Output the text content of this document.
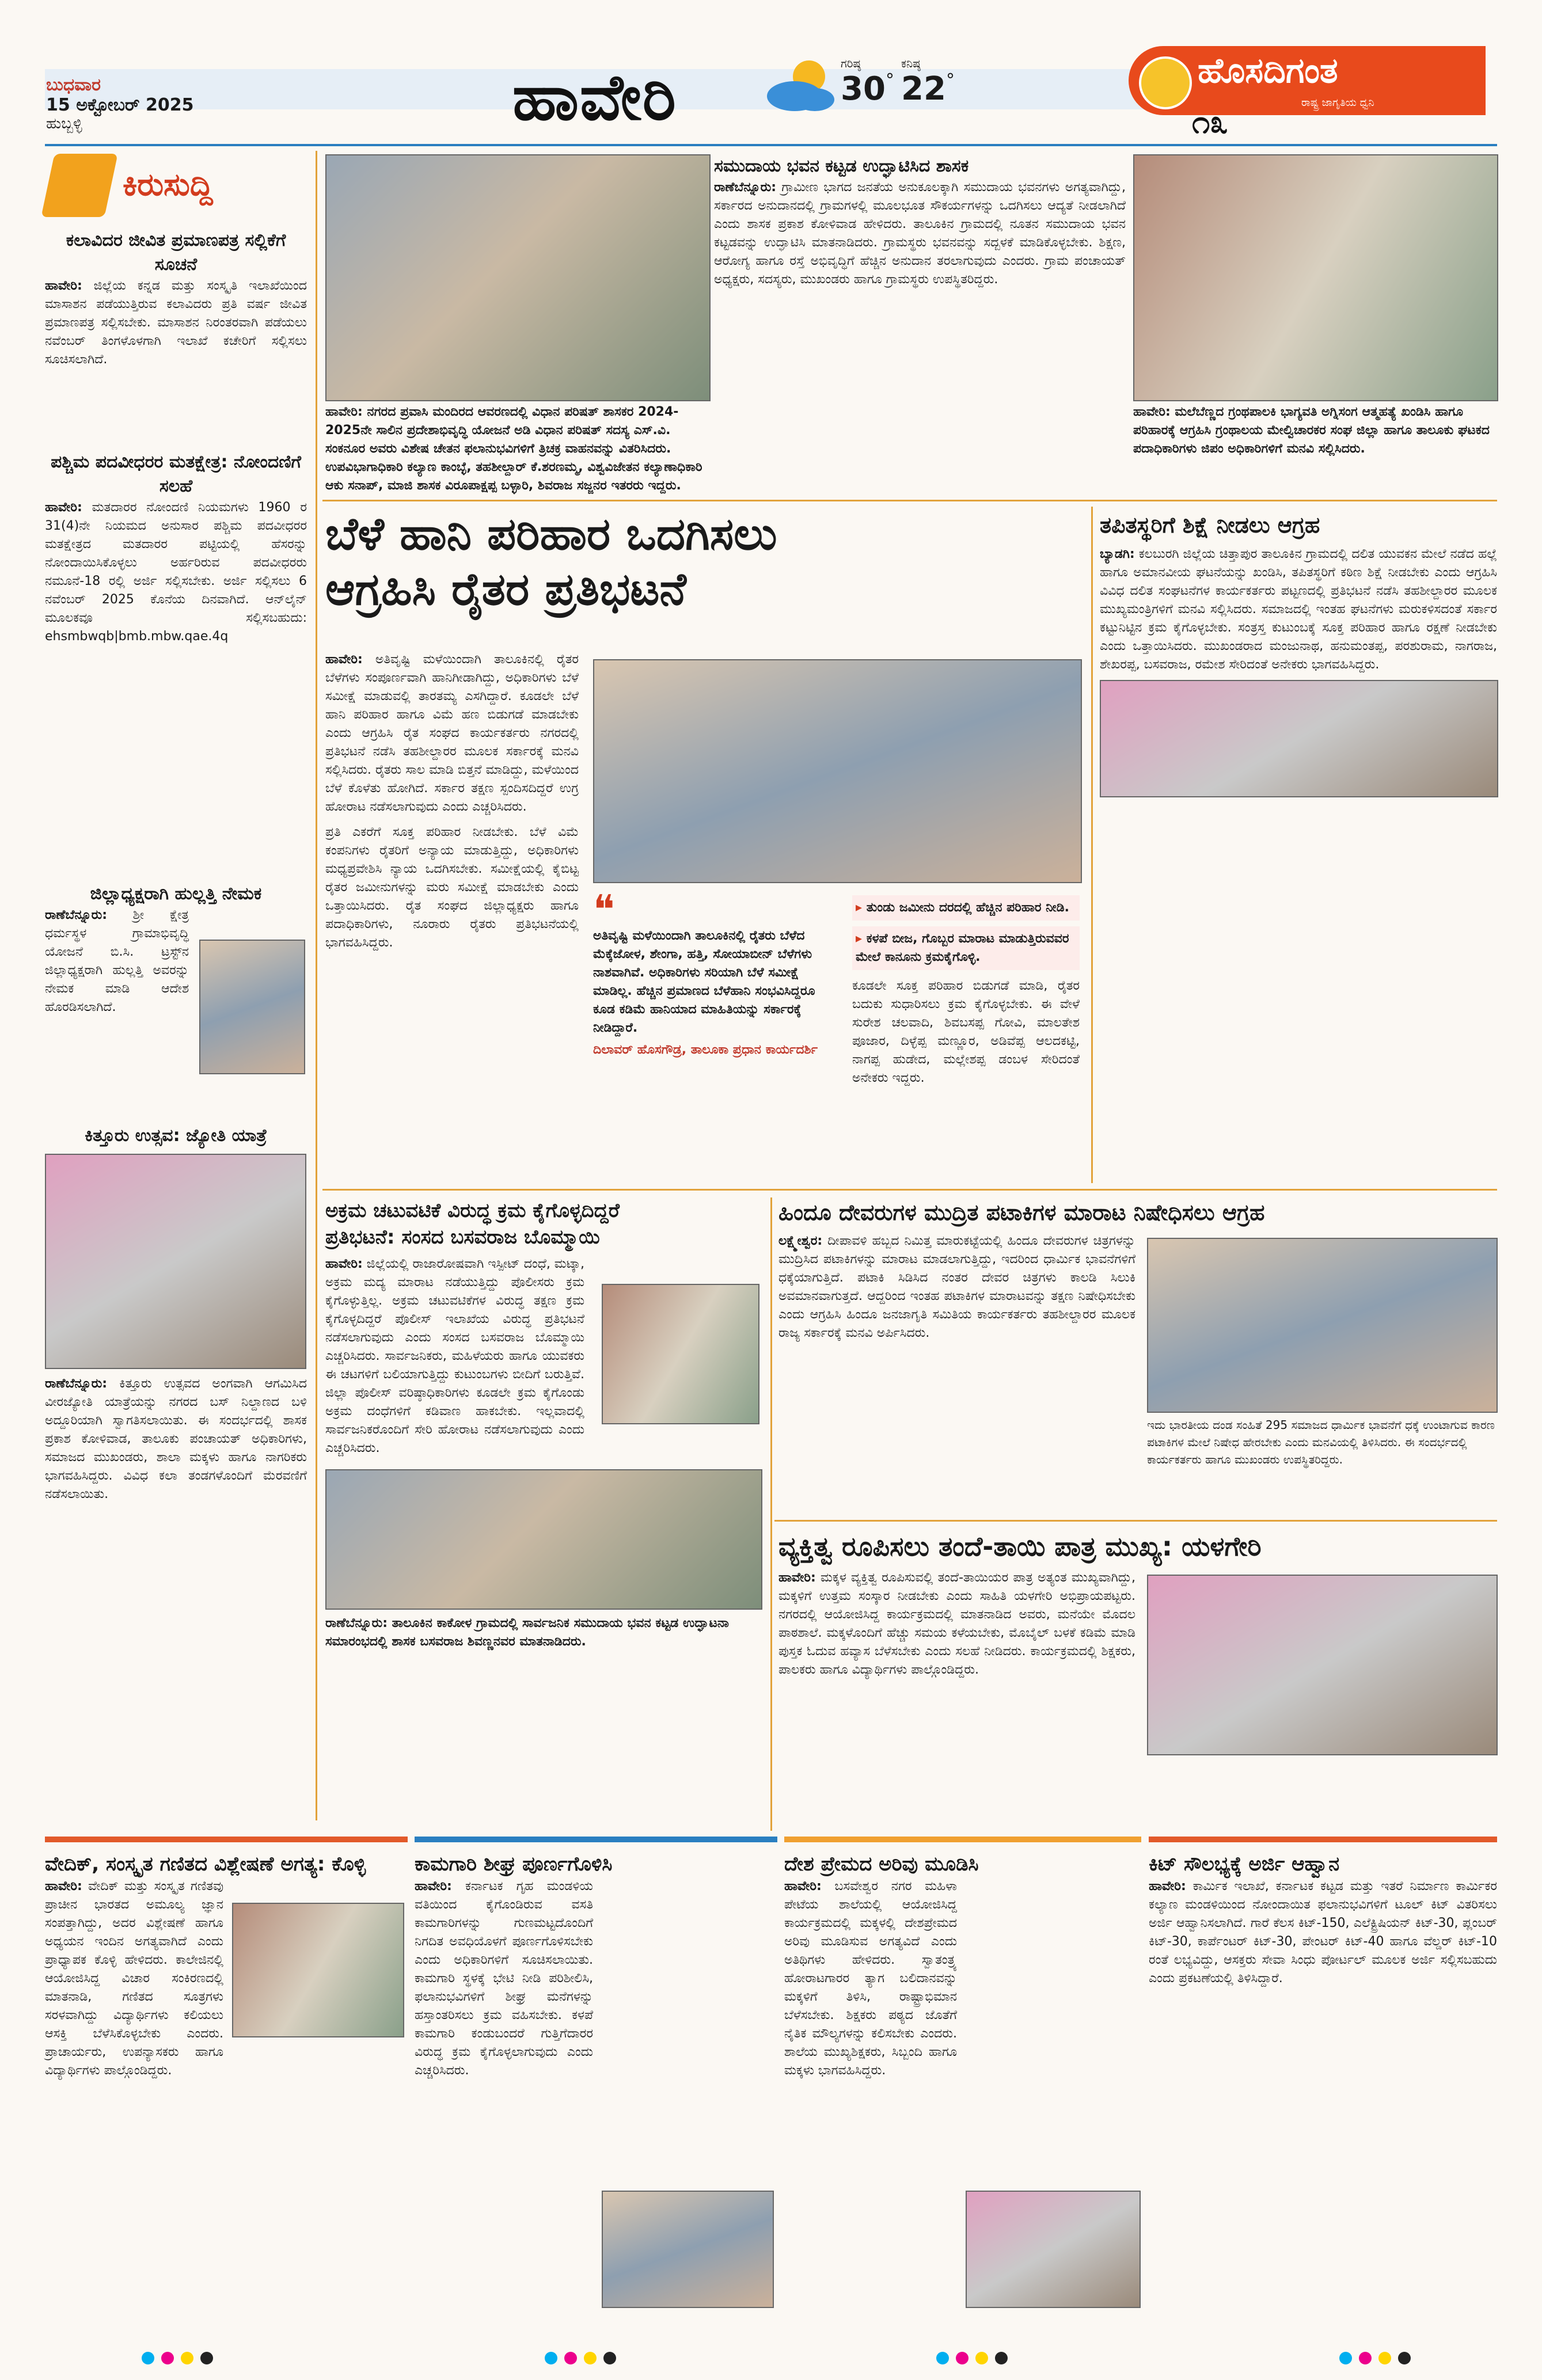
ಬುಧವಾರ
15 ಅಕ್ಟೋಬರ್ 2025
ಹುಬ್ಬಳ್ಳಿ	ಹಾವೇರಿ	ಗರಿಷ್ಠ
30°
ಕನಿಷ್ಠ
22°	ಹೊಸದಿಗಂತ
ರಾಷ್ಟ್ರ ಜಾಗೃತಿಯ ಧ್ವನಿ
೧೩
ಕಿರುಸುದ್ದಿ
ಕಲಾವಿದರ ಜೀವಿತ ಪ್ರಮಾಣಪತ್ರ ಸಲ್ಲಿಕೆಗೆ ಸೂಚನೆ
ಹಾವೇರಿ: ಜಿಲ್ಲೆಯ ಕನ್ನಡ ಮತ್ತು ಸಂಸ್ಕೃತಿ ಇಲಾಖೆಯಿಂದ ಮಾಸಾಶನ ಪಡೆಯುತ್ತಿರುವ ಕಲಾವಿದರು ಪ್ರತಿ ವರ್ಷ ಜೀವಿತ ಪ್ರಮಾಣಪತ್ರ ಸಲ್ಲಿಸಬೇಕು. ಮಾಸಾಶನ ನಿರಂತರವಾಗಿ ಪಡೆಯಲು ನವೆಂಬರ್ ತಿಂಗಳೊಳಗಾಗಿ ಇಲಾಖೆ ಕಚೇರಿಗೆ ಸಲ್ಲಿಸಲು ಸೂಚಿಸಲಾಗಿದೆ.
ಪಶ್ಚಿಮ ಪದವೀಧರರ ಮತಕ್ಷೇತ್ರ: ನೋಂದಣಿಗೆ ಸಲಹೆ
ಹಾವೇರಿ: ಮತದಾರರ ನೋಂದಣಿ ನಿಯಮಗಳು 1960 ರ 31(4)ನೇ ನಿಯಮದ ಅನುಸಾರ ಪಶ್ಚಿಮ ಪದವೀಧರರ ಮತಕ್ಷೇತ್ರದ ಮತದಾರರ ಪಟ್ಟಿಯಲ್ಲಿ ಹೆಸರನ್ನು ನೋಂದಾಯಿಸಿಕೊಳ್ಳಲು ಅರ್ಹರಿರುವ ಪದವೀಧರರು ನಮೂನೆ-18 ರಲ್ಲಿ ಅರ್ಜಿ ಸಲ್ಲಿಸಬೇಕು. ಅರ್ಜಿ ಸಲ್ಲಿಸಲು 6 ನವೆಂಬರ್ 2025 ಕೊನೆಯ ದಿನವಾಗಿದೆ. ಆನ್‌ಲೈನ್ ಮೂಲಕವೂ ಸಲ್ಲಿಸಬಹುದು: ehsmbwqb|bmb.mbw.qae.4q
ಜಿಲ್ಲಾಧ್ಯಕ್ಷರಾಗಿ ಹುಲ್ಲತ್ತಿ ನೇಮಕ
ರಾಣೆಬೆನ್ನೂರು: ಶ್ರೀ ಕ್ಷೇತ್ರ ಧರ್ಮಸ್ಥಳ ಗ್ರಾಮಾಭಿವೃದ್ಧಿ ಯೋಜನೆ ಬಿ.ಸಿ. ಟ್ರಸ್ಟ್‌ನ ಜಿಲ್ಲಾಧ್ಯಕ್ಷರಾಗಿ ಹುಲ್ಲತ್ತಿ ಅವರನ್ನು ನೇಮಕ ಮಾಡಿ ಆದೇಶ ಹೊರಡಿಸಲಾಗಿದೆ.
ಕಿತ್ತೂರು ಉತ್ಸವ: ಜ್ಯೋತಿ ಯಾತ್ರೆ
ರಾಣೆಬೆನ್ನೂರು: ಕಿತ್ತೂರು ಉತ್ಸವದ ಅಂಗವಾಗಿ ಆಗಮಿಸಿದ ವೀರಜ್ಯೋತಿ ಯಾತ್ರೆಯನ್ನು ನಗರದ ಬಸ್ ನಿಲ್ದಾಣದ ಬಳಿ ಅದ್ದೂರಿಯಾಗಿ ಸ್ವಾಗತಿಸಲಾಯಿತು. ಈ ಸಂದರ್ಭದಲ್ಲಿ ಶಾಸಕ ಪ್ರಕಾಶ ಕೋಳಿವಾಡ, ತಾಲೂಕು ಪಂಚಾಯತ್ ಅಧಿಕಾರಿಗಳು, ಸಮಾಜದ ಮುಖಂಡರು, ಶಾಲಾ ಮಕ್ಕಳು ಹಾಗೂ ನಾಗರಿಕರು ಭಾಗವಹಿಸಿದ್ದರು. ವಿವಿಧ ಕಲಾ ತಂಡಗಳೊಂದಿಗೆ ಮೆರವಣಿಗೆ ನಡೆಸಲಾಯಿತು.
ಹಾವೇರಿ: ನಗರದ ಪ್ರವಾಸಿ ಮಂದಿರದ ಆವರಣದಲ್ಲಿ ವಿಧಾನ ಪರಿಷತ್ ಶಾಸಕರ 2024-2025ನೇ ಸಾಲಿನ ಪ್ರದೇಶಾಭಿವೃದ್ಧಿ ಯೋಜನೆ ಅಡಿ ವಿಧಾನ ಪರಿಷತ್ ಸದಸ್ಯ ಎಸ್.ವಿ. ಸಂಕನೂರ ಅವರು ವಿಶೇಷ ಚೇತನ ಫಲಾನುಭವಿಗಳಿಗೆ ತ್ರಿಚಕ್ರ ವಾಹನವನ್ನು ವಿತರಿಸಿದರು. ಉಪವಿಭಾಗಾಧಿಕಾರಿ ಕಲ್ಯಾಣ ಕಾಂಬ್ಳೆ, ತಹಶೀಲ್ದಾರ್ ಕೆ.ಶರಣಮ್ಮ, ವಿಶ್ವವಿಜೇತನ ಕಲ್ಯಾಣಾಧಿಕಾರಿ ಆಕು ಸನಾಪ್, ಮಾಜಿ ಶಾಸಕ ವಿರೂಪಾಕ್ಷಪ್ಪ ಬಳ್ಳಾರಿ, ಶಿವರಾಜ ಸಜ್ಜನರ ಇತರರು ಇದ್ದರು.
ಸಮುದಾಯ ಭವನ ಕಟ್ಟಡ ಉದ್ಘಾಟಿಸಿದ ಶಾಸಕ
ರಾಣೆಬೆನ್ನೂರು: ಗ್ರಾಮೀಣ ಭಾಗದ ಜನತೆಯ ಅನುಕೂಲಕ್ಕಾಗಿ ಸಮುದಾಯ ಭವನಗಳು ಅಗತ್ಯವಾಗಿದ್ದು, ಸರ್ಕಾರದ ಅನುದಾನದಲ್ಲಿ ಗ್ರಾಮಗಳಲ್ಲಿ ಮೂಲಭೂತ ಸೌಕರ್ಯಗಳನ್ನು ಒದಗಿಸಲು ಆದ್ಯತೆ ನೀಡಲಾಗಿದೆ ಎಂದು ಶಾಸಕ ಪ್ರಕಾಶ ಕೋಳಿವಾಡ ಹೇಳಿದರು. ತಾಲೂಕಿನ ಗ್ರಾಮದಲ್ಲಿ ನೂತನ ಸಮುದಾಯ ಭವನ ಕಟ್ಟಡವನ್ನು ಉದ್ಘಾಟಿಸಿ ಮಾತನಾಡಿದರು. ಗ್ರಾಮಸ್ಥರು ಭವನವನ್ನು ಸದ್ಬಳಕೆ ಮಾಡಿಕೊಳ್ಳಬೇಕು. ಶಿಕ್ಷಣ, ಆರೋಗ್ಯ ಹಾಗೂ ರಸ್ತೆ ಅಭಿವೃದ್ಧಿಗೆ ಹೆಚ್ಚಿನ ಅನುದಾನ ತರಲಾಗುವುದು ಎಂದರು. ಗ್ರಾಮ ಪಂಚಾಯತ್ ಅಧ್ಯಕ್ಷರು, ಸದಸ್ಯರು, ಮುಖಂಡರು ಹಾಗೂ ಗ್ರಾಮಸ್ಥರು ಉಪಸ್ಥಿತರಿದ್ದರು.
ಹಾವೇರಿ: ಮಲೆಬೆಣ್ಣದ ಗ್ರಂಥಪಾಲಕಿ ಭಾಗ್ಯವತಿ ಅಗ್ನಿಸಂಗ ಆತ್ಮಹತ್ಯೆ ಖಂಡಿಸಿ ಹಾಗೂ ಪರಿಹಾರಕ್ಕೆ ಆಗ್ರಹಿಸಿ ಗ್ರಂಥಾಲಯ ಮೇಲ್ವಿಚಾರಕರ ಸಂಘ ಜಿಲ್ಲಾ ಹಾಗೂ ತಾಲೂಕು ಘಟಕದ ಪದಾಧಿಕಾರಿಗಳು ಜಿಪಂ ಅಧಿಕಾರಿಗಳಿಗೆ ಮನವಿ ಸಲ್ಲಿಸಿದರು.
ಬೆಳೆ ಹಾನಿ ಪರಿಹಾರ ಒದಗಿಸಲು
ಆಗ್ರಹಿಸಿ ರೈತರ ಪ್ರತಿಭಟನೆ
ಹಾವೇರಿ: ಅತಿವೃಷ್ಟಿ ಮಳೆಯಿಂದಾಗಿ ತಾಲೂಕಿನಲ್ಲಿ ರೈತರ ಬೆಳೆಗಳು ಸಂಪೂರ್ಣವಾಗಿ ಹಾನಿಗೀಡಾಗಿದ್ದು, ಅಧಿಕಾರಿಗಳು ಬೆಳೆ ಸಮೀಕ್ಷೆ ಮಾಡುವಲ್ಲಿ ತಾರತಮ್ಯ ಎಸಗಿದ್ದಾರೆ. ಕೂಡಲೇ ಬೆಳೆ ಹಾನಿ ಪರಿಹಾರ ಹಾಗೂ ವಿಮೆ ಹಣ ಬಿಡುಗಡೆ ಮಾಡಬೇಕು ಎಂದು ಆಗ್ರಹಿಸಿ ರೈತ ಸಂಘದ ಕಾರ್ಯಕರ್ತರು ನಗರದಲ್ಲಿ ಪ್ರತಿಭಟನೆ ನಡೆಸಿ ತಹಶೀಲ್ದಾರರ ಮೂಲಕ ಸರ್ಕಾರಕ್ಕೆ ಮನವಿ ಸಲ್ಲಿಸಿದರು. ರೈತರು ಸಾಲ ಮಾಡಿ ಬಿತ್ತನೆ ಮಾಡಿದ್ದು, ಮಳೆಯಿಂದ ಬೆಳೆ ಕೊಳೆತು ಹೋಗಿದೆ. ಸರ್ಕಾರ ತಕ್ಷಣ ಸ್ಪಂದಿಸದಿದ್ದರೆ ಉಗ್ರ ಹೋರಾಟ ನಡೆಸಲಾಗುವುದು ಎಂದು ಎಚ್ಚರಿಸಿದರು.
ಪ್ರತಿ ಎಕರೆಗೆ ಸೂಕ್ತ ಪರಿಹಾರ ನೀಡಬೇಕು. ಬೆಳೆ ವಿಮೆ ಕಂಪನಿಗಳು ರೈತರಿಗೆ ಅನ್ಯಾಯ ಮಾಡುತ್ತಿದ್ದು, ಅಧಿಕಾರಿಗಳು ಮಧ್ಯಪ್ರವೇಶಿಸಿ ನ್ಯಾಯ ಒದಗಿಸಬೇಕು. ಸಮೀಕ್ಷೆಯಲ್ಲಿ ಕೈಬಿಟ್ಟ ರೈತರ ಜಮೀನುಗಳನ್ನು ಮರು ಸಮೀಕ್ಷೆ ಮಾಡಬೇಕು ಎಂದು ಒತ್ತಾಯಿಸಿದರು. ರೈತ ಸಂಘದ ಜಿಲ್ಲಾಧ್ಯಕ್ಷರು ಹಾಗೂ ಪದಾಧಿಕಾರಿಗಳು, ನೂರಾರು ರೈತರು ಪ್ರತಿಭಟನೆಯಲ್ಲಿ ಭಾಗವಹಿಸಿದ್ದರು.
❝
ಅತಿವೃಷ್ಟಿ ಮಳೆಯಿಂದಾಗಿ ತಾಲೂಕಿನಲ್ಲಿ ರೈತರು ಬೆಳೆದ ಮೆಕ್ಕೆಜೋಳ, ಶೇಂಗಾ, ಹತ್ತಿ, ಸೋಯಾಬೀನ್ ಬೆಳೆಗಳು ನಾಶವಾಗಿವೆ. ಅಧಿಕಾರಿಗಳು ಸರಿಯಾಗಿ ಬೆಳೆ ಸಮೀಕ್ಷೆ ಮಾಡಿಲ್ಲ. ಹೆಚ್ಚಿನ ಪ್ರಮಾಣದ ಬೆಳೆಹಾನಿ ಸಂಭವಿಸಿದ್ದರೂ ಕೂಡ ಕಡಿಮೆ ಹಾನಿಯಾದ ಮಾಹಿತಿಯನ್ನು ಸರ್ಕಾರಕ್ಕೆ ನೀಡಿದ್ದಾರೆ.
ದಿಲಾವರ್ ಹೊಸಗೌಡ್ರ, ತಾಲೂಕಾ ಪ್ರಧಾನ ಕಾರ್ಯದರ್ಶಿ
▸ ತುಂಡು ಜಮೀನು ದರದಲ್ಲಿ ಹೆಚ್ಚಿನ ಪರಿಹಾರ ನೀಡಿ.
▸ ಕಳಪೆ ಬೀಜ, ಗೊಬ್ಬರ ಮಾರಾಟ ಮಾಡುತ್ತಿರುವವರ ಮೇಲೆ ಕಾನೂನು ಕ್ರಮಕೈಗೊಳ್ಳಿ.
ಕೂಡಲೇ ಸೂಕ್ತ ಪರಿಹಾರ ಬಿಡುಗಡೆ ಮಾಡಿ, ರೈತರ ಬದುಕು ಸುಧಾರಿಸಲು ಕ್ರಮ ಕೈಗೊಳ್ಳಬೇಕು. ಈ ವೇಳೆ ಸುರೇಶ ಚಲವಾದಿ, ಶಿವಬಸಪ್ಪ ಗೋವಿ, ಮಾಲತೇಶ ಪೂಜಾರ, ದಿಳ್ಳೆಪ್ಪ ಮಣ್ಣೂರ, ಅಡಿವೆಪ್ಪ ಆಲದಕಟ್ಟಿ, ನಾಗಪ್ಪ ಹುಡೇದ, ಮಲ್ಲೇಶಪ್ಪ ಡಂಬಳ ಸೇರಿದಂತೆ ಅನೇಕರು ಇದ್ದರು.
ತಪಿತಸ್ಥರಿಗೆ ಶಿಕ್ಷೆ ನೀಡಲು ಆಗ್ರಹ
ಬ್ಯಾಡಗಿ: ಕಲಬುರಗಿ ಜಿಲ್ಲೆಯ ಚಿತ್ತಾಪುರ ತಾಲೂಕಿನ ಗ್ರಾಮದಲ್ಲಿ ದಲಿತ ಯುವಕನ ಮೇಲೆ ನಡೆದ ಹಲ್ಲೆ ಹಾಗೂ ಅಮಾನವೀಯ ಘಟನೆಯನ್ನು ಖಂಡಿಸಿ, ತಪಿತಸ್ಥರಿಗೆ ಕಠಿಣ ಶಿಕ್ಷೆ ನೀಡಬೇಕು ಎಂದು ಆಗ್ರಹಿಸಿ ವಿವಿಧ ದಲಿತ ಸಂಘಟನೆಗಳ ಕಾರ್ಯಕರ್ತರು ಪಟ್ಟಣದಲ್ಲಿ ಪ್ರತಿಭಟನೆ ನಡೆಸಿ ತಹಶೀಲ್ದಾರರ ಮೂಲಕ ಮುಖ್ಯಮಂತ್ರಿಗಳಿಗೆ ಮನವಿ ಸಲ್ಲಿಸಿದರು. ಸಮಾಜದಲ್ಲಿ ಇಂತಹ ಘಟನೆಗಳು ಮರುಕಳಿಸದಂತೆ ಸರ್ಕಾರ ಕಟ್ಟುನಿಟ್ಟಿನ ಕ್ರಮ ಕೈಗೊಳ್ಳಬೇಕು. ಸಂತ್ರಸ್ತ ಕುಟುಂಬಕ್ಕೆ ಸೂಕ್ತ ಪರಿಹಾರ ಹಾಗೂ ರಕ್ಷಣೆ ನೀಡಬೇಕು ಎಂದು ಒತ್ತಾಯಿಸಿದರು. ಮುಖಂಡರಾದ ಮಂಜುನಾಥ, ಹನುಮಂತಪ್ಪ, ಪರಶುರಾಮ, ನಾಗರಾಜ, ಶೇಖರಪ್ಪ, ಬಸವರಾಜ, ರಮೇಶ ಸೇರಿದಂತೆ ಅನೇಕರು ಭಾಗವಹಿಸಿದ್ದರು.
ಅಕ್ರಮ ಚಟುವಟಿಕೆ ವಿರುದ್ಧ ಕ್ರಮ ಕೈಗೊಳ್ಳದಿದ್ದರೆ
ಪ್ರತಿಭಟನೆ: ಸಂಸದ ಬಸವರಾಜ ಬೊಮ್ಮಾಯಿ
ಹಾವೇರಿ: ಜಿಲ್ಲೆಯಲ್ಲಿ ರಾಜಾರೋಷವಾಗಿ ಇಸ್ಪೀಟ್ ದಂಧೆ, ಮಟ್ಕಾ, ಅಕ್ರಮ ಮದ್ಯ ಮಾರಾಟ ನಡೆಯುತ್ತಿದ್ದು ಪೊಲೀಸರು ಕ್ರಮ ಕೈಗೊಳ್ಳುತ್ತಿಲ್ಲ. ಅಕ್ರಮ ಚಟುವಟಿಕೆಗಳ ವಿರುದ್ಧ ತಕ್ಷಣ ಕ್ರಮ ಕೈಗೊಳ್ಳದಿದ್ದರೆ ಪೊಲೀಸ್ ಇಲಾಖೆಯ ವಿರುದ್ಧ ಪ್ರತಿಭಟನೆ ನಡೆಸಲಾಗುವುದು ಎಂದು ಸಂಸದ ಬಸವರಾಜ ಬೊಮ್ಮಾಯಿ ಎಚ್ಚರಿಸಿದರು. ಸಾರ್ವಜನಿಕರು, ಮಹಿಳೆಯರು ಹಾಗೂ ಯುವಕರು ಈ ಚಟಗಳಿಗೆ ಬಲಿಯಾಗುತ್ತಿದ್ದು ಕುಟುಂಬಗಳು ಬೀದಿಗೆ ಬರುತ್ತಿವೆ. ಜಿಲ್ಲಾ ಪೊಲೀಸ್ ವರಿಷ್ಠಾಧಿಕಾರಿಗಳು ಕೂಡಲೇ ಕ್ರಮ ಕೈಗೊಂಡು ಅಕ್ರಮ ದಂಧೆಗಳಿಗೆ ಕಡಿವಾಣ ಹಾಕಬೇಕು. ಇಲ್ಲವಾದಲ್ಲಿ ಸಾರ್ವಜನಿಕರೊಂದಿಗೆ ಸೇರಿ ಹೋರಾಟ ನಡೆಸಲಾಗುವುದು ಎಂದು ಎಚ್ಚರಿಸಿದರು.
ರಾಣೆಬೆನ್ನೂರು: ತಾಲೂಕಿನ ಕಾಕೋಳ ಗ್ರಾಮದಲ್ಲಿ ಸಾರ್ವಜನಿಕ ಸಮುದಾಯ ಭವನ ಕಟ್ಟಡ ಉದ್ಘಾಟನಾ ಸಮಾರಂಭದಲ್ಲಿ ಶಾಸಕ ಬಸವರಾಜ ಶಿವಣ್ಣನವರ ಮಾತನಾಡಿದರು.
ಹಿಂದೂ ದೇವರುಗಳ ಮುದ್ರಿತ ಪಟಾಕಿಗಳ ಮಾರಾಟ ನಿಷೇಧಿಸಲು ಆಗ್ರಹ
ಲಕ್ಷ್ಮೇಶ್ವರ: ದೀಪಾವಳಿ ಹಬ್ಬದ ನಿಮಿತ್ತ ಮಾರುಕಟ್ಟೆಯಲ್ಲಿ ಹಿಂದೂ ದೇವರುಗಳ ಚಿತ್ರಗಳನ್ನು ಮುದ್ರಿಸಿದ ಪಟಾಕಿಗಳನ್ನು ಮಾರಾಟ ಮಾಡಲಾಗುತ್ತಿದ್ದು, ಇದರಿಂದ ಧಾರ್ಮಿಕ ಭಾವನೆಗಳಿಗೆ ಧಕ್ಕೆಯಾಗುತ್ತಿದೆ. ಪಟಾಕಿ ಸಿಡಿಸಿದ ನಂತರ ದೇವರ ಚಿತ್ರಗಳು ಕಾಲಡಿ ಸಿಲುಕಿ ಅವಮಾನವಾಗುತ್ತದೆ. ಆದ್ದರಿಂದ ಇಂತಹ ಪಟಾಕಿಗಳ ಮಾರಾಟವನ್ನು ತಕ್ಷಣ ನಿಷೇಧಿಸಬೇಕು ಎಂದು ಆಗ್ರಹಿಸಿ ಹಿಂದೂ ಜನಜಾಗೃತಿ ಸಮಿತಿಯ ಕಾರ್ಯಕರ್ತರು ತಹಶೀಲ್ದಾರರ ಮೂಲಕ ರಾಜ್ಯ ಸರ್ಕಾರಕ್ಕೆ ಮನವಿ ಅರ್ಪಿಸಿದರು.
ಇದು ಭಾರತೀಯ ದಂಡ ಸಂಹಿತೆ 295 ಸಮಾಜದ ಧಾರ್ಮಿಕ ಭಾವನೆಗೆ ಧಕ್ಕೆ ಉಂಟಾಗುವ ಕಾರಣ ಪಟಾಕಿಗಳ ಮೇಲೆ ನಿಷೇಧ ಹೇರಬೇಕು ಎಂದು ಮನವಿಯಲ್ಲಿ ತಿಳಿಸಿದರು. ಈ ಸಂದರ್ಭದಲ್ಲಿ ಕಾರ್ಯಕರ್ತರು ಹಾಗೂ ಮುಖಂಡರು ಉಪಸ್ಥಿತರಿದ್ದರು.
ವ್ಯಕ್ತಿತ್ವ ರೂಪಿಸಲು ತಂದೆ-ತಾಯಿ ಪಾತ್ರ ಮುಖ್ಯ: ಯಳಗೇರಿ
ಹಾವೇರಿ: ಮಕ್ಕಳ ವ್ಯಕ್ತಿತ್ವ ರೂಪಿಸುವಲ್ಲಿ ತಂದೆ-ತಾಯಿಯರ ಪಾತ್ರ ಅತ್ಯಂತ ಮುಖ್ಯವಾಗಿದ್ದು, ಮಕ್ಕಳಿಗೆ ಉತ್ತಮ ಸಂಸ್ಕಾರ ನೀಡಬೇಕು ಎಂದು ಸಾಹಿತಿ ಯಳಗೇರಿ ಅಭಿಪ್ರಾಯಪಟ್ಟರು. ನಗರದಲ್ಲಿ ಆಯೋಜಿಸಿದ್ದ ಕಾರ್ಯಕ್ರಮದಲ್ಲಿ ಮಾತನಾಡಿದ ಅವರು, ಮನೆಯೇ ಮೊದಲ ಪಾಠಶಾಲೆ. ಮಕ್ಕಳೊಂದಿಗೆ ಹೆಚ್ಚು ಸಮಯ ಕಳೆಯಬೇಕು, ಮೊಬೈಲ್ ಬಳಕೆ ಕಡಿಮೆ ಮಾಡಿ ಪುಸ್ತಕ ಓದುವ ಹವ್ಯಾಸ ಬೆಳೆಸಬೇಕು ಎಂದು ಸಲಹೆ ನೀಡಿದರು. ಕಾರ್ಯಕ್ರಮದಲ್ಲಿ ಶಿಕ್ಷಕರು, ಪಾಲಕರು ಹಾಗೂ ವಿದ್ಯಾರ್ಥಿಗಳು ಪಾಲ್ಗೊಂಡಿದ್ದರು.
ವೇದಿಕ್, ಸಂಸ್ಕೃತ ಗಣಿತದ ವಿಶ್ಲೇಷಣೆ ಅಗತ್ಯ: ಕೊಳ್ಳಿ
ಹಾವೇರಿ: ವೇದಿಕ್ ಮತ್ತು ಸಂಸ್ಕೃತ ಗಣಿತವು ಪ್ರಾಚೀನ ಭಾರತದ ಅಮೂಲ್ಯ ಜ್ಞಾನ ಸಂಪತ್ತಾಗಿದ್ದು, ಅದರ ವಿಶ್ಲೇಷಣೆ ಹಾಗೂ ಅಧ್ಯಯನ ಇಂದಿನ ಅಗತ್ಯವಾಗಿದೆ ಎಂದು ಪ್ರಾಧ್ಯಾಪಕ ಕೊಳ್ಳಿ ಹೇಳಿದರು. ಕಾಲೇಜಿನಲ್ಲಿ ಆಯೋಜಿಸಿದ್ದ ವಿಚಾರ ಸಂಕಿರಣದಲ್ಲಿ ಮಾತನಾಡಿ, ಗಣಿತದ ಸೂತ್ರಗಳು ಸರಳವಾಗಿದ್ದು ವಿದ್ಯಾರ್ಥಿಗಳು ಕಲಿಯಲು ಆಸಕ್ತಿ ಬೆಳೆಸಿಕೊಳ್ಳಬೇಕು ಎಂದರು. ಪ್ರಾಚಾರ್ಯರು, ಉಪನ್ಯಾಸಕರು ಹಾಗೂ ವಿದ್ಯಾರ್ಥಿಗಳು ಪಾಲ್ಗೊಂಡಿದ್ದರು.
ಕಾಮಗಾರಿ ಶೀಘ್ರ ಪೂರ್ಣಗೊಳಿಸಿ
ಹಾವೇರಿ: ಕರ್ನಾಟಕ ಗೃಹ ಮಂಡಳಿಯ ವತಿಯಿಂದ ಕೈಗೊಂಡಿರುವ ವಸತಿ ಕಾಮಗಾರಿಗಳನ್ನು ಗುಣಮಟ್ಟದೊಂದಿಗೆ ನಿಗದಿತ ಅವಧಿಯೊಳಗೆ ಪೂರ್ಣಗೊಳಿಸಬೇಕು ಎಂದು ಅಧಿಕಾರಿಗಳಿಗೆ ಸೂಚಿಸಲಾಯಿತು. ಕಾಮಗಾರಿ ಸ್ಥಳಕ್ಕೆ ಭೇಟಿ ನೀಡಿ ಪರಿಶೀಲಿಸಿ, ಫಲಾನುಭವಿಗಳಿಗೆ ಶೀಘ್ರ ಮನೆಗಳನ್ನು ಹಸ್ತಾಂತರಿಸಲು ಕ್ರಮ ವಹಿಸಬೇಕು. ಕಳಪೆ ಕಾಮಗಾರಿ ಕಂಡುಬಂದರೆ ಗುತ್ತಿಗೆದಾರರ ವಿರುದ್ಧ ಕ್ರಮ ಕೈಗೊಳ್ಳಲಾಗುವುದು ಎಂದು ಎಚ್ಚರಿಸಿದರು.
ದೇಶ ಪ್ರೇಮದ ಅರಿವು ಮೂಡಿಸಿ
ಹಾವೇರಿ: ಬಸವೇಶ್ವರ ನಗರ ಮಹಿಳಾ ಪೇಟೆಯ ಶಾಲೆಯಲ್ಲಿ ಆಯೋಜಿಸಿದ್ದ ಕಾರ್ಯಕ್ರಮದಲ್ಲಿ ಮಕ್ಕಳಲ್ಲಿ ದೇಶಪ್ರೇಮದ ಅರಿವು ಮೂಡಿಸುವ ಅಗತ್ಯವಿದೆ ಎಂದು ಅತಿಥಿಗಳು ಹೇಳಿದರು. ಸ್ವಾತಂತ್ರ್ಯ ಹೋರಾಟಗಾರರ ತ್ಯಾಗ ಬಲಿದಾನವನ್ನು ಮಕ್ಕಳಿಗೆ ತಿಳಿಸಿ, ರಾಷ್ಟ್ರಾಭಿಮಾನ ಬೆಳೆಸಬೇಕು. ಶಿಕ್ಷಕರು ಪಠ್ಯದ ಜೊತೆಗೆ ನೈತಿಕ ಮೌಲ್ಯಗಳನ್ನು ಕಲಿಸಬೇಕು ಎಂದರು. ಶಾಲೆಯ ಮುಖ್ಯಶಿಕ್ಷಕರು, ಸಿಬ್ಬಂದಿ ಹಾಗೂ ಮಕ್ಕಳು ಭಾಗವಹಿಸಿದ್ದರು.
ಕಿಟ್ ಸೌಲಭ್ಯಕ್ಕೆ ಅರ್ಜಿ ಆಹ್ವಾನ
ಹಾವೇರಿ: ಕಾರ್ಮಿಕ ಇಲಾಖೆ, ಕರ್ನಾಟಕ ಕಟ್ಟಡ ಮತ್ತು ಇತರೆ ನಿರ್ಮಾಣ ಕಾರ್ಮಿಕರ ಕಲ್ಯಾಣ ಮಂಡಳಿಯಿಂದ ನೋಂದಾಯಿತ ಫಲಾನುಭವಿಗಳಿಗೆ ಟೂಲ್ ಕಿಟ್ ವಿತರಿಸಲು ಅರ್ಜಿ ಆಹ್ವಾನಿಸಲಾಗಿದೆ. ಗಾರೆ ಕೆಲಸ ಕಿಟ್-150, ಎಲೆಕ್ಟ್ರಿಷಿಯನ್ ಕಿಟ್-30, ಪ್ಲಂಬರ್ ಕಿಟ್-30, ಕಾರ್ಪೆಂಟರ್ ಕಿಟ್-30, ಪೇಂಟರ್ ಕಿಟ್-40 ಹಾಗೂ ವೆಲ್ಡರ್ ಕಿಟ್-10 ರಂತೆ ಲಭ್ಯವಿದ್ದು, ಆಸಕ್ತರು ಸೇವಾ ಸಿಂಧು ಪೋರ್ಟಲ್ ಮೂಲಕ ಅರ್ಜಿ ಸಲ್ಲಿಸಬಹುದು ಎಂದು ಪ್ರಕಟಣೆಯಲ್ಲಿ ತಿಳಿಸಿದ್ದಾರೆ.
